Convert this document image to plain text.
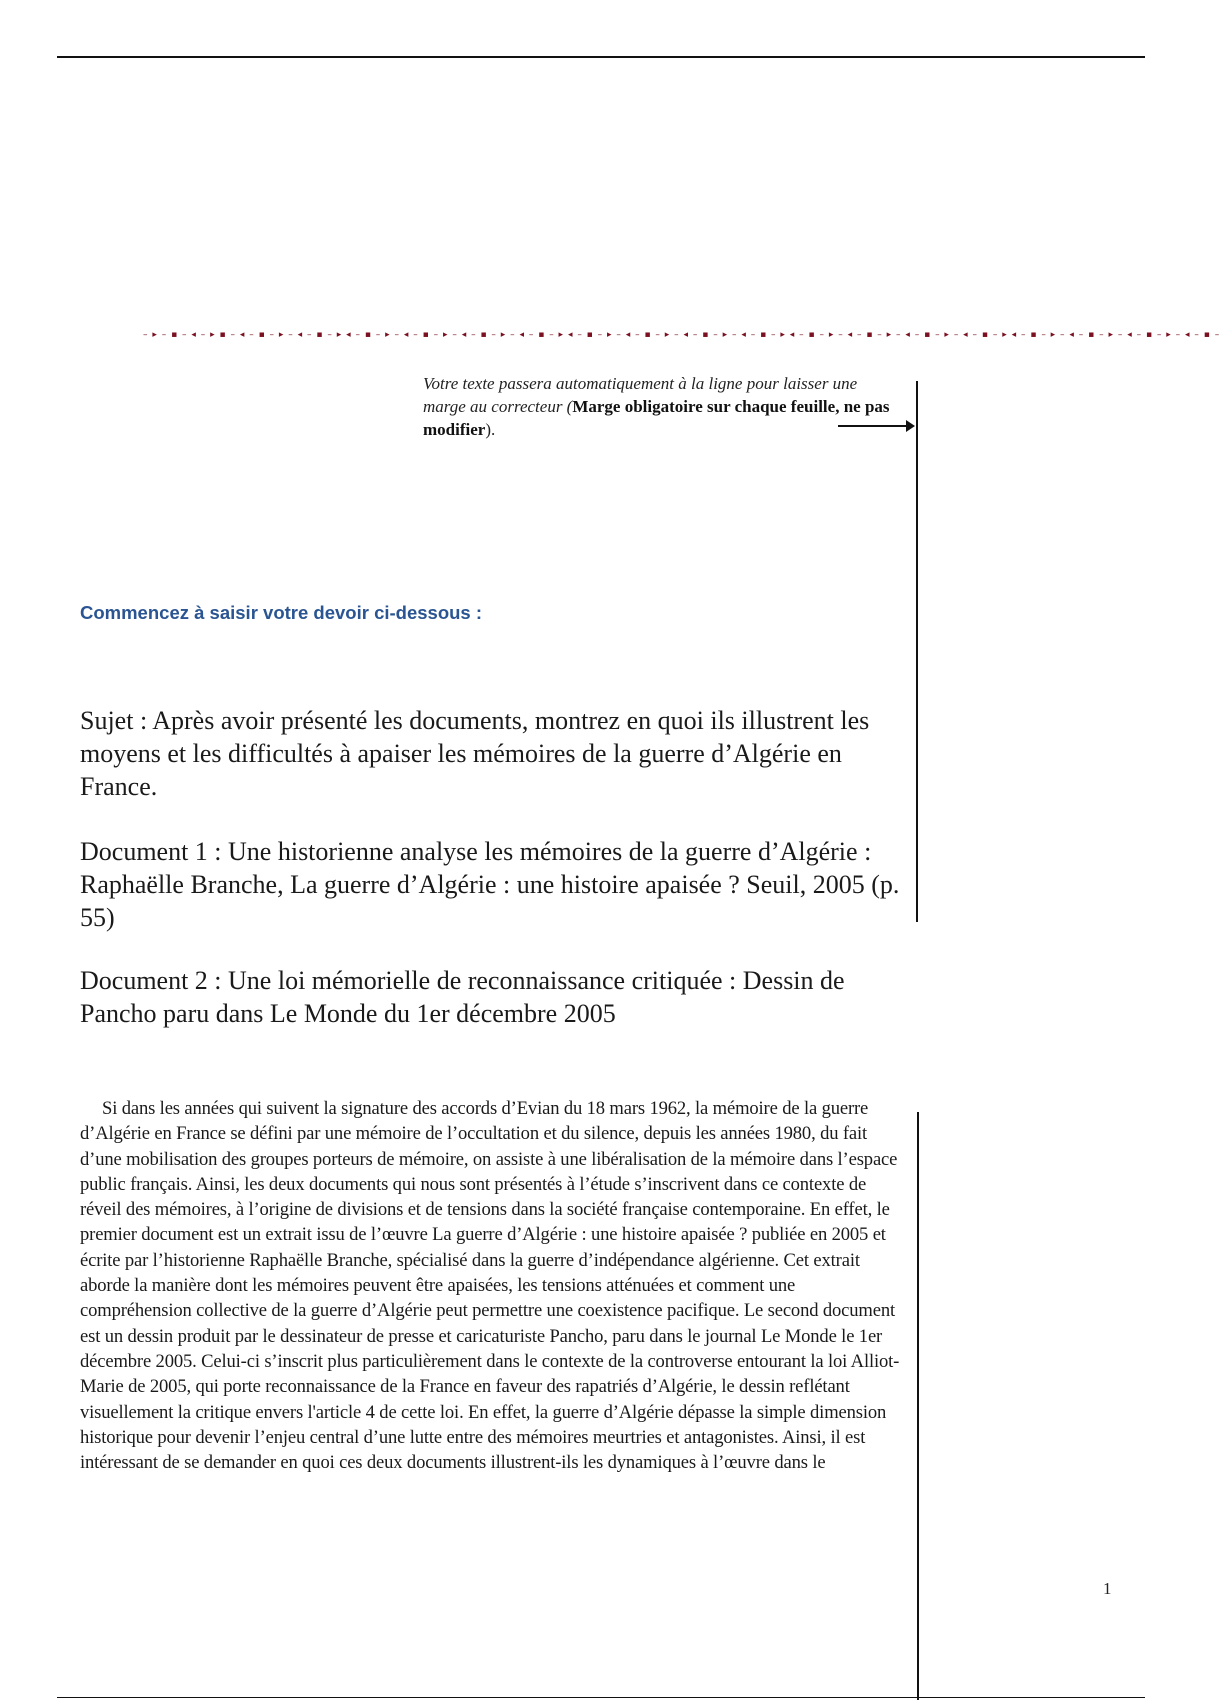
– ▸ – ▪ – ◂ – ▸ ▪ – ◂ – ▪ – ▸ – ◂ – ▪ – ▸ ◂ – ▪ – ▸ – ◂ – ▪ – ▸ – ◂ – ▪ – ▸ – ◂ – ▪ – ▸ ◂ – ▪ – ▸ – ◂ – ▪ – ▸ – ◂ – ▪ – ▸ – ◂ – ▪ – ▸ ◂ – ▪ – ▸ – ◂ – ▪ – ▸ – ◂ – ▪ – ▸ – ◂ – ▪ – ▸ ◂ – ▪ – ▸ – ◂ – ▪ – ▸ – ◂ – ▪ – ▸ – ◂ – ▪ –
Votre texte passera automatiquement à la ligne pour laisser une marge au correcteur (Marge obligatoire sur chaque feuille, ne pas modifier).
Commencez à saisir votre devoir ci-dessous :
Sujet : Après avoir présenté les documents, montrez en quoi ils illustrent les moyens et les difficultés à apaiser les mémoires de la guerre d’Algérie en France.
Document 1 : Une historienne analyse les mémoires de la guerre d’Algérie : Raphaëlle Branche, La guerre d’Algérie : une histoire apaisée ? Seuil, 2005 (p. 55)
Document 2 : Une loi mémorielle de reconnaissance critiquée : Dessin de Pancho paru dans Le Monde du 1er décembre 2005
Si dans les années qui suivent la signature des accords d’Evian du 18 mars 1962, la mémoire de la guerre d’Algérie en France se défini par une mémoire de l’occultation et du silence, depuis les années 1980, du fait d’une mobilisation des groupes porteurs de mémoire, on assiste à une libéralisation de la mémoire dans l’espace public français. Ainsi, les deux documents qui nous sont présentés à l’étude s’inscrivent dans ce contexte de réveil des mémoires, à l’origine de divisions et de tensions dans la société française contemporaine. En effet, le premier document est un extrait issu de l’œuvre La guerre d’Algérie : une histoire apaisée ? publiée en 2005 et écrite par l’historienne Raphaëlle Branche, spécialisé dans la guerre d’indépendance algérienne. Cet extrait aborde la manière dont les mémoires peuvent être apaisées, les tensions atténuées et comment une compréhension collective de la guerre d’Algérie peut permettre une coexistence pacifique. Le second document est un dessin produit par le dessinateur de presse et caricaturiste Pancho, paru dans le journal Le Monde le 1er décembre 2005. Celui-ci s’inscrit plus particulièrement dans le contexte de la controverse entourant la loi Alliot-Marie de 2005, qui porte reconnaissance de la France en faveur des rapatriés d’Algérie, le dessin reflétant visuellement la critique envers l'article 4 de cette loi. En effet, la guerre d’Algérie dépasse la simple dimension historique pour devenir l’enjeu central d’une lutte entre des mémoires meurtries et antagonistes. Ainsi, il est intéressant de se demander en quoi ces deux documents illustrent-ils les dynamiques à l’œuvre dans le
1
